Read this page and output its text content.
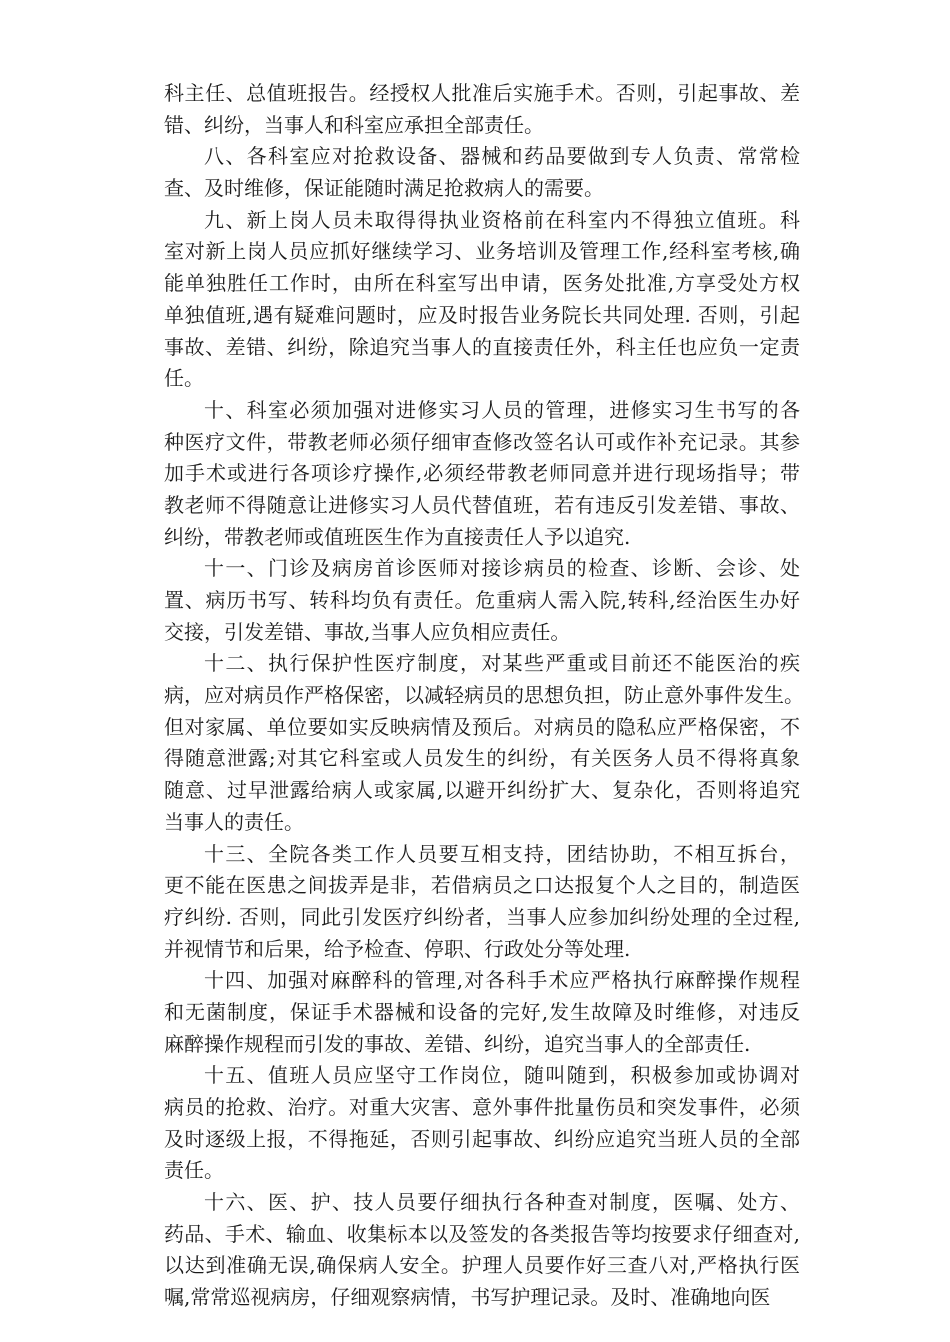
科主任、总值班报告。经授权人批准后实施手术。否则，引起事故、差
错、纠纷，当事人和科室应承担全部责任。
八、各科室应对抢救设备、器械和药品要做到专人负责、常常检
查、及时维修，保证能随时满足抢救病人的需要。
九、新上岗人员未取得得执业资格前在科室内不得独立值班。科
室对新上岗人员应抓好继续学习、业务培训及管理工作,经科室考核,确
能单独胜任工作时，由所在科室写出申请，医务处批准,方享受处方权
单独值班,遇有疑难问题时，应及时报告业务院长共同处理. 否则，引起
事故、差错、纠纷，除追究当事人的直接责任外，科主任也应负一定责
任。
十、科室必须加强对进修实习人员的管理，进修实习生书写的各
种医疗文件，带教老师必须仔细审查修改签名认可或作补充记录。其参
加手术或进行各项诊疗操作,必须经带教老师同意并进行现场指导；带
教老师不得随意让进修实习人员代替值班，若有违反引发差错、事故、
纠纷，带教老师或值班医生作为直接责任人予以追究.
十一、门诊及病房首诊医师对接诊病员的检查、诊断、会诊、处
置、病历书写、转科均负有责任。危重病人需入院,转科,经治医生办好
交接，引发差错、事故,当事人应负相应责任。
十二、执行保护性医疗制度，对某些严重或目前还不能医治的疾
病，应对病员作严格保密，以减轻病员的思想负担，防止意外事件发生。
但对家属、单位要如实反映病情及预后。对病员的隐私应严格保密，不
得随意泄露;对其它科室或人员发生的纠纷，有关医务人员不得将真象
随意、过早泄露给病人或家属,以避开纠纷扩大、复杂化，否则将追究
当事人的责任。
十三、全院各类工作人员要互相支持，团结协助，不相互拆台，
更不能在医患之间拔弄是非，若借病员之口达报复个人之目的，制造医
疗纠纷. 否则，同此引发医疗纠纷者，当事人应参加纠纷处理的全过程,
并视情节和后果，给予检查、停职、行政处分等处理.
十四、加强对麻醉科的管理,对各科手术应严格执行麻醉操作规程
和无菌制度，保证手术器械和设备的完好,发生故障及时维修，对违反
麻醉操作规程而引发的事故、差错、纠纷，追究当事人的全部责任.
十五、值班人员应坚守工作岗位，随叫随到，积极参加或协调对
病员的抢救、治疗。对重大灾害、意外事件批量伤员和突发事件，必须
及时逐级上报，不得拖延，否则引起事故、纠纷应追究当班人员的全部
责任。
十六、医、护、技人员要仔细执行各种查对制度，医嘱、处方、
药品、手术、输血、收集标本以及签发的各类报告等均按要求仔细查对,
以达到准确无误,确保病人安全。护理人员要作好三查八对,严格执行医
嘱,常常巡视病房，仔细观察病情，书写护理记录。及时、准确地向医
